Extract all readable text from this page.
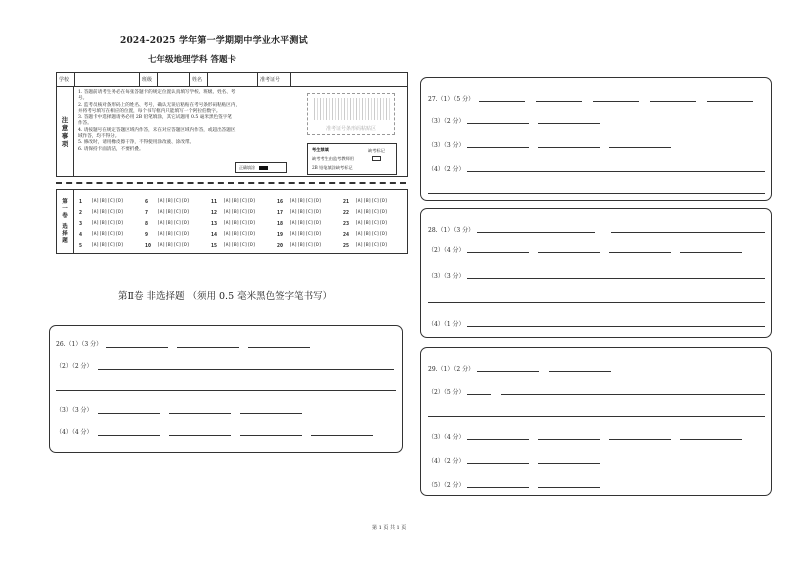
2024-2025 学年第一学期期中学业水平测试
七年级地理学科 答题卡
学校	班级	姓名	准考证号
注
意
事
项
1. 答题前请考生务必在每张答题卡的规定位置认真填写学校、班级、姓名、考
号。
2. 监考员核对条形码上的姓名、考号，确认无误后粘贴在考号条形码粘贴区内，
并将考号填写在相应的位置，每个书写框内只能填写一个阿拉伯数字。
3. 答题卡中选择题请务必用 2B 铅笔填涂，其它试题用 0.5 毫米黑色签字笔
作答。
4. 请按题号在规定答题区域内作答，未在对应答题区域内作答，或超出答题区
域作答，均不得分。
5. 修改时，请用橡皮擦干净，不得使用涂改液、涂改带。
6. 请保持卡面清洁，不要折叠。
正确填涂
准考证号条形码粘贴区
考生禁填	缺考标记
缺考考生由监考教师用
2B 铅笔填涂缺考标记
第
一
卷
选
择
题
1	[A][B][C][D]	6	[A][B][C][D]	11	[A][B][C][D]	16	[A][B][C][D]	21	[A][B][C][D]
2	[A][B][C][D]	7	[A][B][C][D]	12	[A][B][C][D]	17	[A][B][C][D]	22	[A][B][C][D]
3	[A][B][C][D]	8	[A][B][C][D]	13	[A][B][C][D]	18	[A][B][C][D]	23	[A][B][C][D]
4	[A][B][C][D]	9	[A][B][C][D]	14	[A][B][C][D]	19	[A][B][C][D]	24	[A][B][C][D]
5	[A][B][C][D]	10	[A][B][C][D]	15	[A][B][C][D]	20	[A][B][C][D]	25	[A][B][C][D]
第Ⅱ卷 非选择题 （须用 0.5 毫米黑色签字笔书写）
26.（1）（3 分）
（2）（2 分）
（3）（3 分）
（4）（4 分）
27.（1）（5 分）
（3）（2 分）
（3）（3 分）
（4）（2 分）
28.（1）（3 分）
（2）（4 分）
（3）（3 分）
（4）（1 分）
29.（1）（2 分）
（2）（5 分）
（3）（4 分）
（4）（2 分）
（5）（2 分）
第 1 页 共 1 页
